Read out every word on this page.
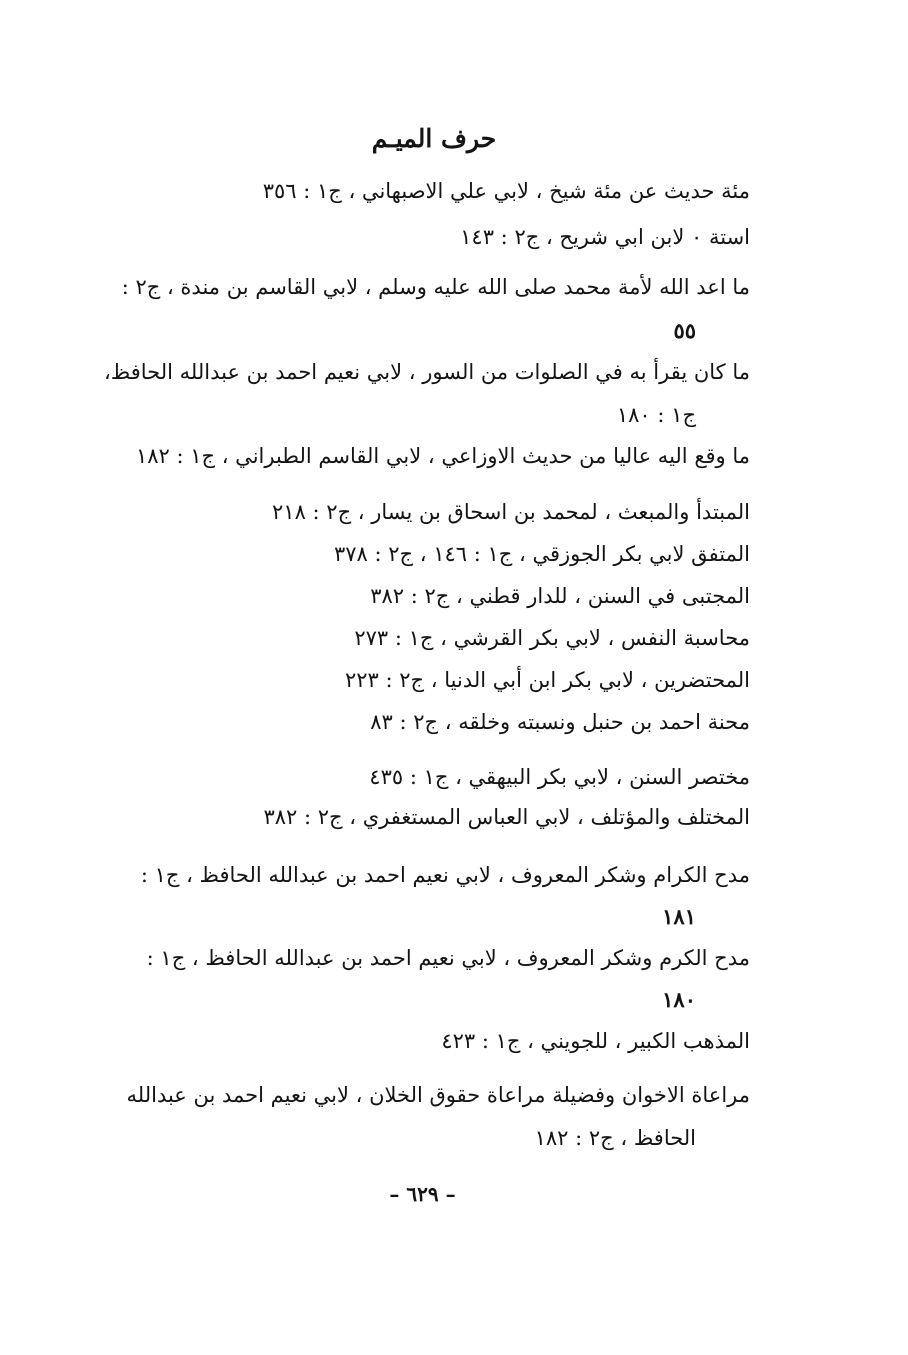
حرف الميـم
مئة حديث عن مئة شيخ ، لابي علي الاصبهاني ، ج١ : ٣٥٦
استة ٠ لابن ابي شريح ، ج٢ : ١٤٣
ما اعد الله لأمة محمد صلى الله عليه وسلم ، لابي القاسم بن مندة ، ج٢ :
٥٥
ما كان يقرأ به في الصلوات من السور ، لابي نعيم احمد بن عبدالله الحافظ،
ج١ : ١٨٠
ما وقع اليه عاليا من حديث الاوزاعي ، لابي القاسم الطبراني ، ج١ : ١٨٢
المبتدأ والمبعث ، لمحمد بن اسحاق بن يسار ، ج٢ : ٢١٨
المتفق لابي بكر الجوزقي ، ج١ : ١٤٦ ، ج٢ : ٣٧٨
المجتبى في السنن ، للدار قطني ، ج٢ : ٣٨٢
محاسبة النفس ، لابي بكر القرشي ، ج١ : ٢٧٣
المحتضرين ، لابي بكر ابن أبي الدنيا ، ج٢ : ٢٢٣
محنة احمد بن حنبل ونسبته وخلقه ، ج٢ : ٨٣
مختصر السنن ، لابي بكر البيهقي ، ج١ : ٤٣٥
المختلف والمؤتلف ، لابي العباس المستغفري ، ج٢ : ٣٨٢
مدح الكرام وشكر المعروف ، لابي نعيم احمد بن عبدالله الحافظ ، ج١ :
١٨١
مدح الكرم وشكر المعروف ، لابي نعيم احمد بن عبدالله الحافظ ، ج١ :
١٨٠
المذهب الكبير ، للجويني ، ج١ : ٤٢٣
مراعاة الاخوان وفضيلة مراعاة حقوق الخلان ، لابي نعيم احمد بن عبدالله
الحافظ ، ج٢ : ١٨٢
– ٦٢٩ –
